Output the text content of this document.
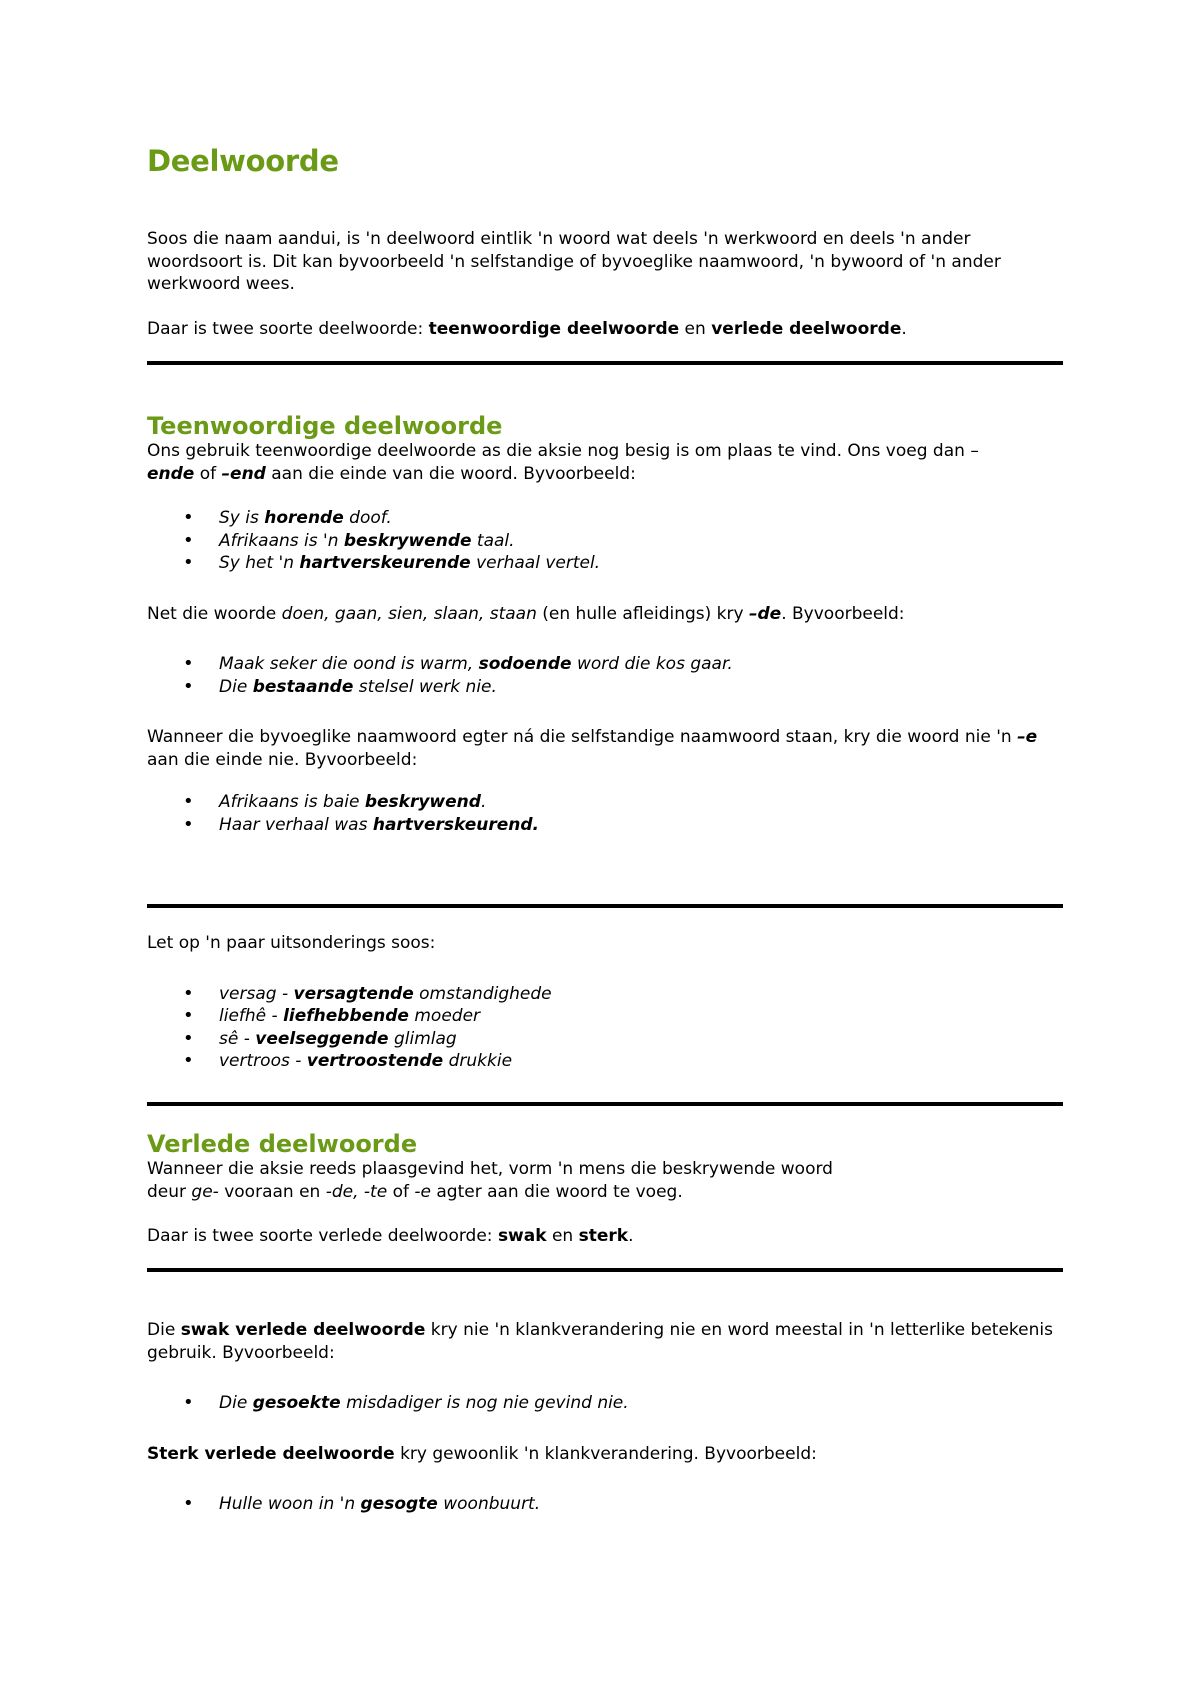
Deelwoorde

Soos die naam aandui, is 'n deelwoord eintlik 'n woord wat deels 'n werkwoord en deels 'n ander woordsoort is. Dit kan byvoorbeeld 'n selfstandige of byvoeglike naamwoord, 'n bywoord of 'n ander werkwoord wees.

Daar is twee soorte deelwoorde: teenwoordige deelwoorde en verlede deelwoorde.

Teenwoordige deelwoorde

Ons gebruik teenwoordige deelwoorde as die aksie nog besig is om plaas te vind. Ons voeg dan –
ende of –end aan die einde van die woord. Byvoorbeeld:

• Sy is horende doof.
• Afrikaans is 'n beskrywende taal.
• Sy het 'n hartverskeurende verhaal vertel.

Net die woorde doen, gaan, sien, slaan, staan (en hulle afleidings) kry –de. Byvoorbeeld:

• Maak seker die oond is warm, sodoende word die kos gaar.
• Die bestaande stelsel werk nie.

Wanneer die byvoeglike naamwoord egter ná die selfstandige naamwoord staan, kry die woord nie 'n –e aan die einde nie. Byvoorbeeld:

• Afrikaans is baie beskrywend.
• Haar verhaal was hartverskeurend.

Let op 'n paar uitsonderings soos:

• versag - versagtende omstandighede
• liefhê - liefhebbende moeder
• sê - veelseggende glimlag
• vertroos - vertroostende drukkie
Verlede deelwoorde

Wanneer die aksie reeds plaasgevind het, vorm 'n mens die beskrywende woord
deur ge- vooraan en -de, -te of -e agter aan die woord te voeg.

Daar is twee soorte verlede deelwoorde: swak en sterk.

Die swak verlede deelwoorde kry nie 'n klankverandering nie en word meestal in 'n letterlike betekenis gebruik. Byvoorbeeld:

• Die gesoekte misdadiger is nog nie gevind nie.

Sterk verlede deelwoorde kry gewoonlik 'n klankverandering. Byvoorbeeld:

• Hulle woon in 'n gesogte woonbuurt.
